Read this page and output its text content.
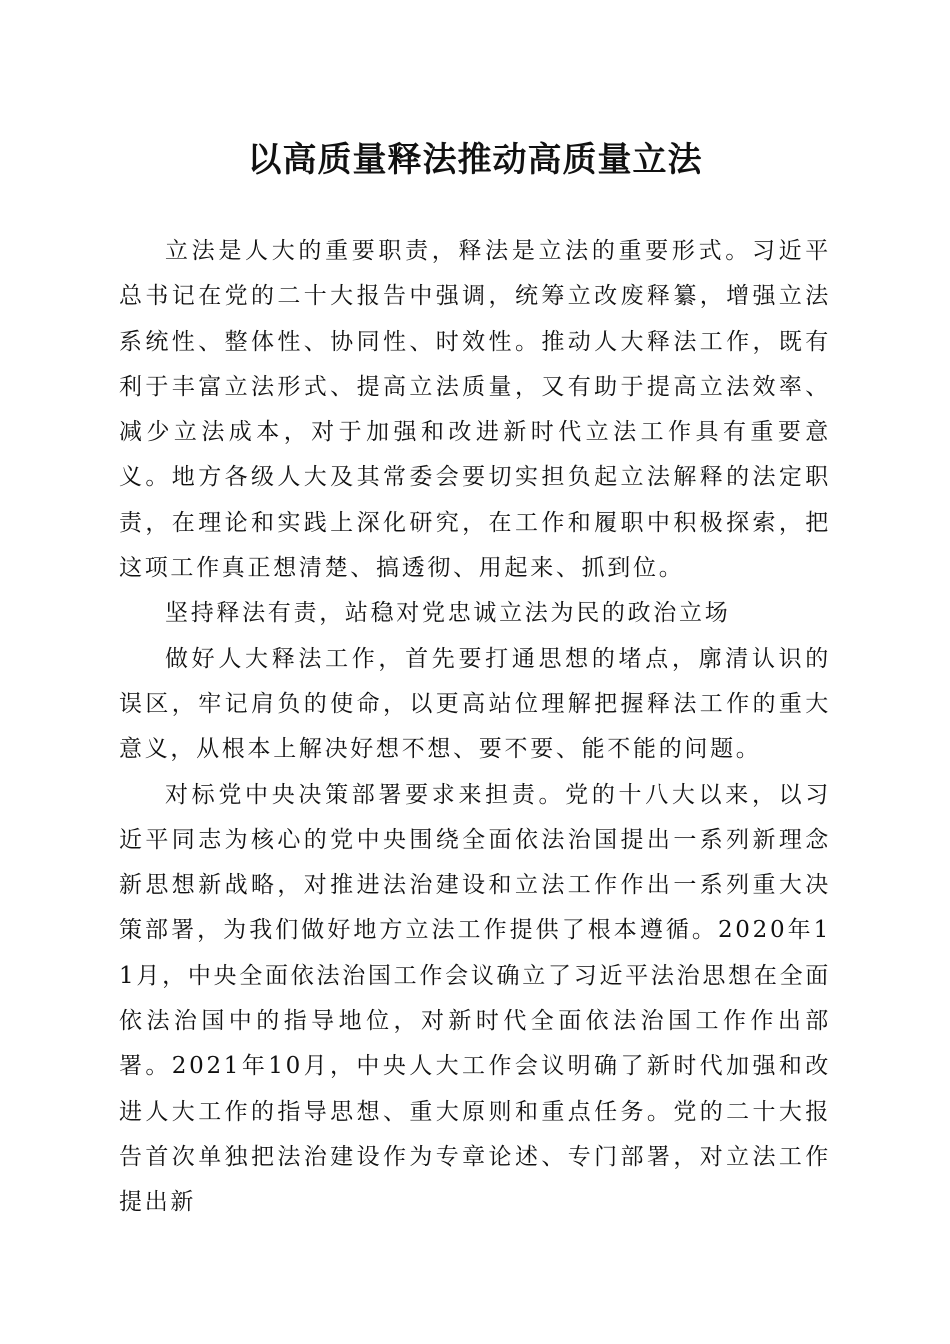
以高质量释法推动高质量立法

立法是人大的重要职责，释法是立法的重要形式。习近平总书记在党的二十大报告中强调，统筹立改废释纂，增强立法系统性、整体性、协同性、时效性。推动人大释法工作，既有利于丰富立法形式、提高立法质量，又有助于提高立法效率、减少立法成本，对于加强和改进新时代立法工作具有重要意义。地方各级人大及其常委会要切实担负起立法解释的法定职责，在理论和实践上深化研究，在工作和履职中积极探索，把这项工作真正想清楚、搞透彻、用起来、抓到位。

坚持释法有责，站稳对党忠诚立法为民的政治立场

做好人大释法工作，首先要打通思想的堵点，廓清认识的误区，牢记肩负的使命，以更高站位理解把握释法工作的重大意义，从根本上解决好想不想、要不要、能不能的问题。

对标党中央决策部署要求来担责。党的十八大以来，以习近平同志为核心的党中央围绕全面依法治国提出一系列新理念新思想新战略，对推进法治建设和立法工作作出一系列重大决策部署，为我们做好地方立法工作提供了根本遵循。2020年11月，中央全面依法治国工作会议确立了习近平法治思想在全面依法治国中的指导地位，对新时代全面依法治国工作作出部署。2021年10月，中央人大工作会议明确了新时代加强和改进人大工作的指导思想、重大原则和重点任务。党的二十大报告首次单独把法治建设作为专章论述、专门部署，对立法工作提出新
